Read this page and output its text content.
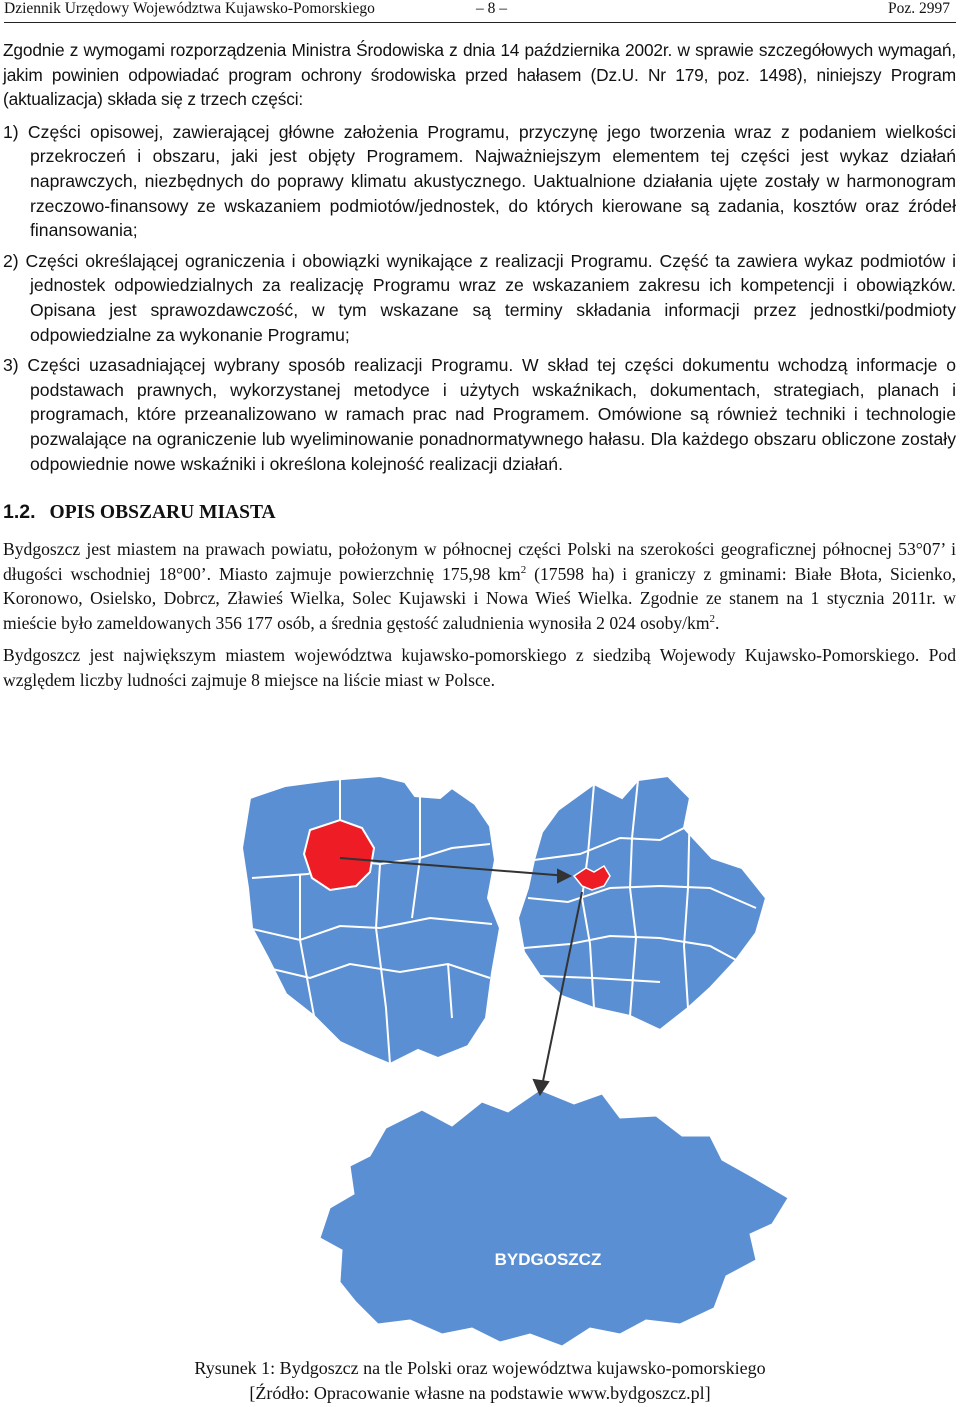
Dziennik Urzędowy Województwa Kujawsko-Pomorskiego	– 8 –	Poz. 2997

Zgodnie z wymogami rozporządzenia Ministra Środowiska z dnia 14 października 2002r. w sprawie szczegółowych wymagań, jakim powinien odpowiadać program ochrony środowiska przed hałasem (Dz.U. Nr 179, poz. 1498), niniejszy Program (aktualizacja) składa się z trzech części:

1) Części opisowej, zawierającej główne założenia Programu, przyczynę jego tworzenia wraz z podaniem wielkości przekroczeń i obszaru, jaki jest objęty Programem. Najważniejszym elementem tej części jest wykaz działań naprawczych, niezbędnych do poprawy klimatu akustycznego. Uaktualnione działania ujęte zostały w harmonogram rzeczowo-finansowy ze wskazaniem podmiotów/jednostek, do których kierowane są zadania, kosztów oraz źródeł finansowania;

2) Części określającej ograniczenia i obowiązki wynikające z realizacji Programu. Część ta zawiera wykaz podmiotów i jednostek odpowiedzialnych za realizację Programu wraz ze wskazaniem zakresu ich kompetencji i obowiązków. Opisana jest sprawozdawczość, w tym wskazane są terminy składania informacji przez jednostki/podmioty odpowiedzialne za wykonanie Programu;

3) Części uzasadniającej wybrany sposób realizacji Programu. W skład tej części dokumentu wchodzą informacje o podstawach prawnych, wykorzystanej metodyce i użytych wskaźnikach, dokumentach, strategiach, planach i programach, które przeanalizowano w ramach prac nad Programem. Omówione są również techniki i technologie pozwalające na ograniczenie lub wyeliminowanie ponadnormatywnego hałasu. Dla każdego obszaru obliczone zostały odpowiednie nowe wskaźniki i określona kolejność realizacji działań.

1.2. OPIS OBSZARU MIASTA

Bydgoszcz jest miastem na prawach powiatu, położonym w północnej części Polski na szerokości geograficznej północnej 53°07’ i długości wschodniej 18°00’. Miasto zajmuje powierzchnię 175,98 $km^2$ (17598 ha) i graniczy z gminami: Białe Błota, Sicienko, Koronowo, Osielsko, Dobrcz, Zławieś Wielka, Solec Kujawski i Nowa Wieś Wielka. Zgodnie ze stanem na 1 stycznia 2011r. w mieście było zameldowanych 356 177 osób, a średnia gęstość zaludnienia wynosiła 2 024 osoby/$km^2$.

Bydgoszcz jest największym miastem województwa kujawsko-pomorskiego z siedzibą Wojewody Kujawsko-Pomorskiego. Pod względem liczby ludności zajmuje 8 miejsce na liście miast w Polsce.

BYDGOSZCZ
Rysunek 1: Bydgoszcz na tle Polski oraz województwa kujawsko-pomorskiego
[Źródło: Opracowanie własne na podstawie www.bydgoszcz.pl]
